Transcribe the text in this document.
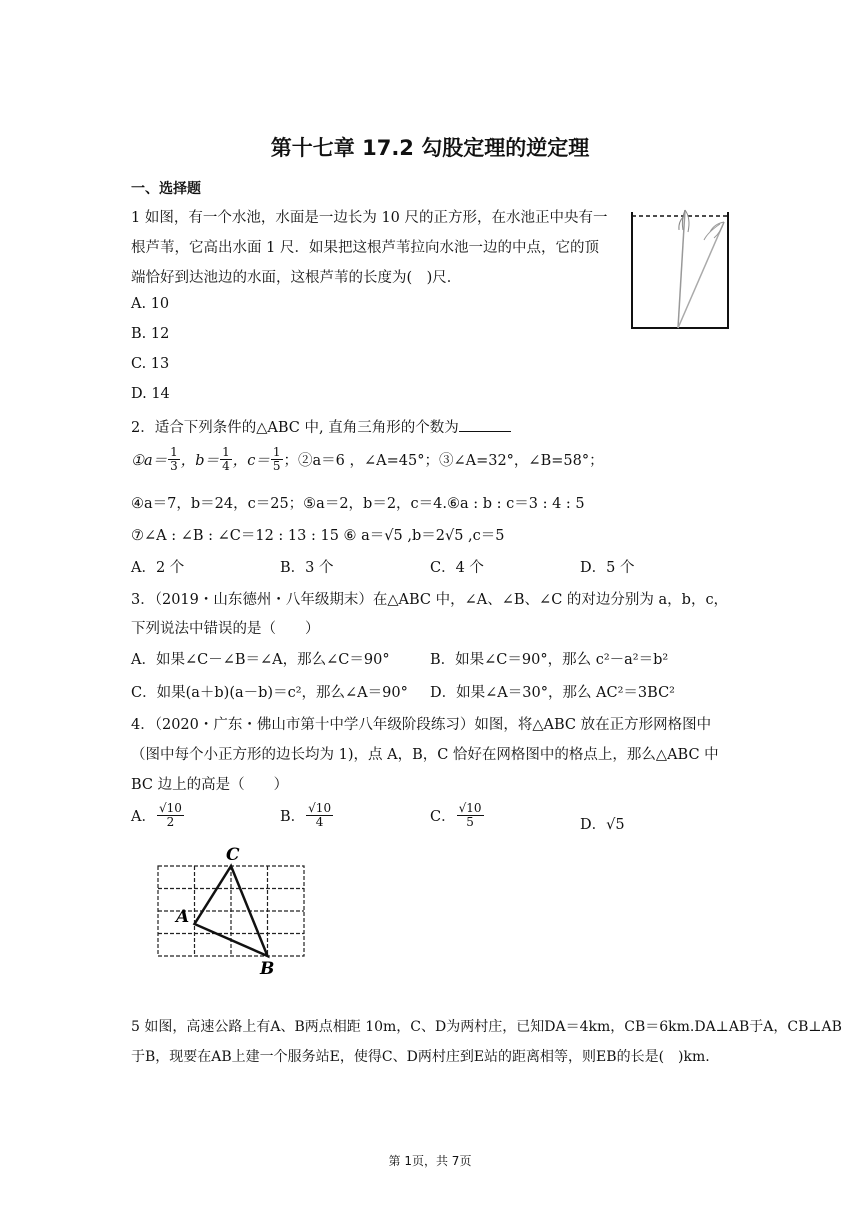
第十七章 17.2 勾股定理的逆定理
一、选择题
1 如图，有一个水池，水面是一边长为 10 尺的正方形，在水池正中央有一
根芦苇，它高出水面 1 尺．如果把这根芦苇拉向水池一边的中点，它的顶
端恰好到达池边的水面，这根芦苇的长度为(　)尺．
A. 10
B. 12
C. 13
D. 14
2．适合下列条件的△ABC 中, 直角三角形的个数为
①a＝ $\frac{1}{3}$ ，$b= \frac{1}{4}$ ，$c= \frac{1}{5}$ ；②a＝6 ，∠A=45°；③∠A=32°，∠B=58°；
④a＝7，b＝24，c＝25；⑤a＝2，b＝2，c＝4.⑥a : b : c＝3 : 4 : 5
⑦∠A : ∠B : ∠C＝12 : 13 : 15 ⑥ a＝√5 ,b＝2√5 ,c＝5
A．2 个	B．3 个	C．4 个	D．5 个
3．（2019・山东德州・八年级期末）在△ABC 中，∠A、∠B、∠C 的对边分别为 a，b，c，
下列说法中错误的是（　　）
A．如果∠C－∠B＝∠A，那么∠C＝90°	B．如果∠C＝90°，那么 c²－a²＝b²
C．如果(a＋b)(a－b)＝c²，那么∠A＝90° D．如果∠A＝30°，那么 AC²＝3BC²
4．（2020・广东・佛山市第十中学八年级阶段练习）如图，将△ABC 放在正方形网格图中
（图中每个小正方形的边长均为 1)，点 A，B，C 恰好在网格图中的格点上，那么△ABC 中
BC 边上的高是（　　）
A． $\frac{√10}{2}$	B． $\frac{√10}{4}$	C． $\frac{√10}{5}$	D．√5
C
A
B
5 如图，高速公路上有A、B两点相距 10m，C、D为两村庄，已知DA＝4km，CB＝6km.DA⊥AB于A，CB⊥AB
于B，现要在AB上建一个服务站E，使得C、D两村庄到E站的距离相等，则EB的长是(　)km.
第 1页，共 7页
